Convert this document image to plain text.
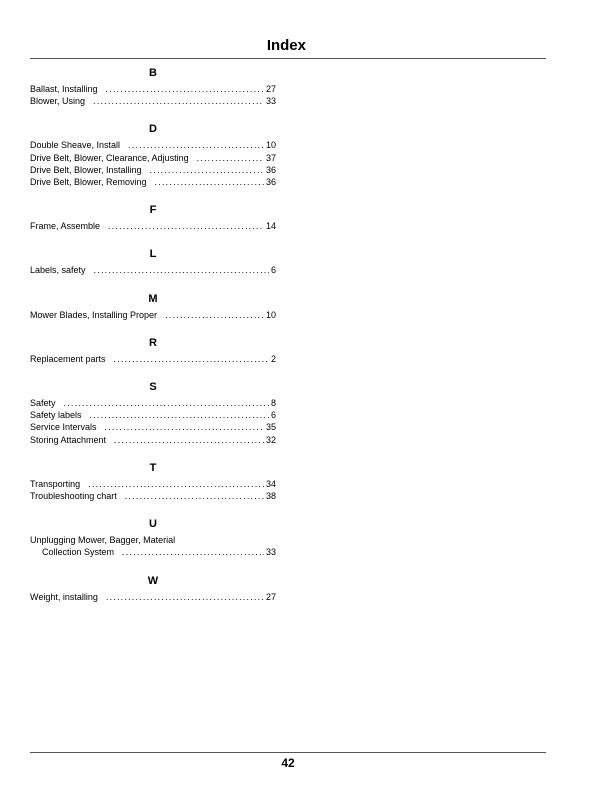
Index
B
Ballast, Installing .....	27
Blower, Using .....	33
D
Double Sheave, Install .....	10
Drive Belt, Blower, Clearance, Adjusting .....	37
Drive Belt, Blower, Installing .....	36
Drive Belt, Blower, Removing .....	36
F
Frame, Assemble .....	14
L
Labels, safety .....	6
M
Mower Blades, Installing Proper .....	10
R
Replacement parts .....	2
S
Safety .....	8
Safety labels .....	6
Service Intervals .....	35
Storing Attachment .....	32
T
Transporting .....	34
Troubleshooting chart .....	38
U
Unplugging Mower, Bagger, Material
Collection System .....	33
W
Weight, installing .....	27
42
